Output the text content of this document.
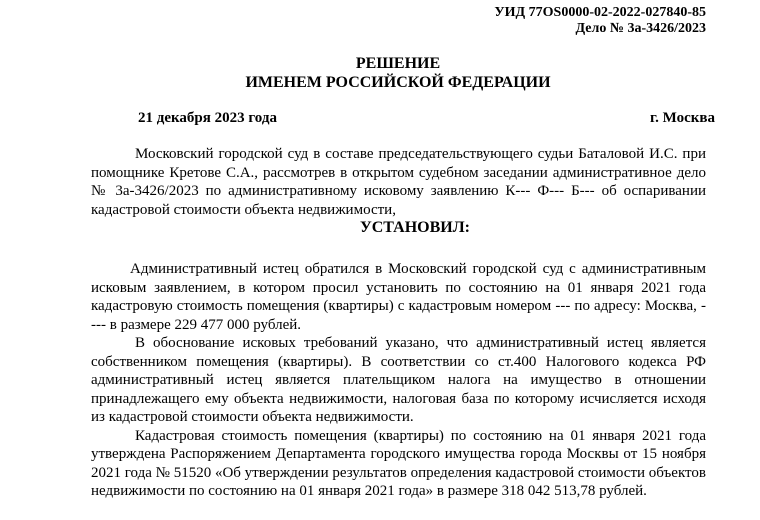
УИД 77OS0000-02-2022-027840-85
Дело № 3а-3426/2023
РЕШЕНИЕ
ИМЕНЕМ РОССИЙСКОЙ ФЕДЕРАЦИИ
21 декабря 2023 года	г. Москва

Московский городской суд в составе председательствующего судьи Баталовой И.С. при помощнике Кретове С.А., рассмотрев в открытом судебном заседании административное дело № 3а-3426/2023 по административному исковому заявлению К--- Ф--- Б--- об оспаривании кадастровой стоимости объекта недвижимости,

УСТАНОВИЛ:

Административный истец обратился в Московский городской суд с административным исковым заявлением, в котором просил установить по состоянию на 01 января 2021 года кадастровую стоимость помещения (квартиры) с кадастровым номером --- по адресу: Москва, ---- в размере 229 477 000 рублей.

В обоснование исковых требований указано, что административный истец является собственником помещения (квартиры). В соответствии со ст.400 Налогового кодекса РФ административный истец является плательщиком налога на имущество в отношении принадлежащего ему объекта недвижимости, налоговая база по которому исчисляется исходя из кадастровой стоимости объекта недвижимости.

Кадастровая стоимость помещения (квартиры) по состоянию на 01 января 2021 года утверждена Распоряжением Департамента городского имущества города Москвы от 15 ноября 2021 года № 51520 «Об утверждении результатов определения кадастровой стоимости объектов недвижимости по состоянию на 01 января 2021 года» в размере 318 042 513,78 рублей.
